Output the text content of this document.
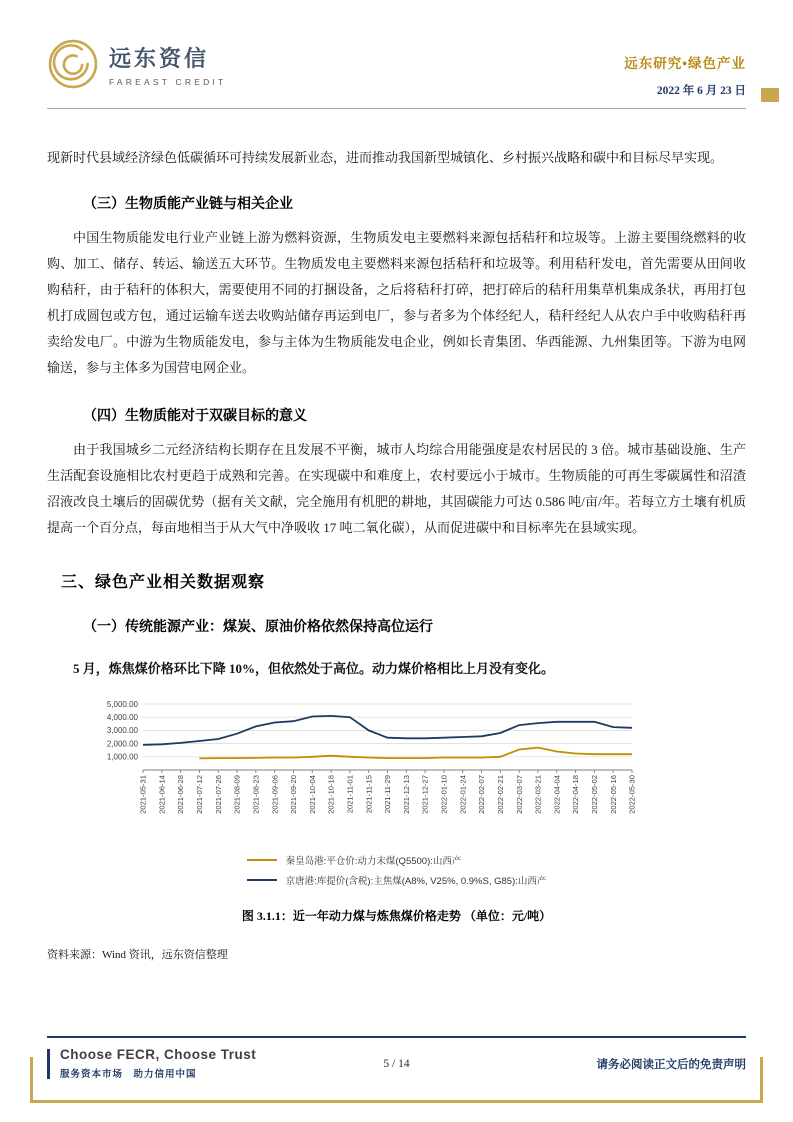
远东资信
FAREAST CREDIT
远东研究•绿色产业
2022 年 6 月 23 日

现新时代县域经济绿色低碳循环可持续发展新业态，进而推动我国新型城镇化、乡村振兴战略和碳中和目标尽早实现。

（三）生物质能产业链与相关企业

中国生物质能发电行业产业链上游为燃料资源，生物质发电主要燃料来源包括秸秆和垃圾等。上游主要围绕燃料的收购、加工、储存、转运、输送五大环节。生物质发电主要燃料来源包括秸秆和垃圾等。利用秸秆发电，首先需要从田间收购秸秆，由于秸秆的体积大，需要使用不同的打捆设备，之后将秸秆打碎，把打碎后的秸秆用集草机集成条状，再用打包机打成圆包或方包，通过运输车送去收购站储存再运到电厂，参与者多为个体经纪人，秸秆经纪人从农户手中收购秸秆再卖给发电厂。中游为生物质能发电，参与主体为生物质能发电企业，例如长青集团、华西能源、九州集团等。下游为电网输送，参与主体多为国营电网企业。

（四）生物质能对于双碳目标的意义

由于我国城乡二元经济结构长期存在且发展不平衡，城市人均综合用能强度是农村居民的 3 倍。城市基础设施、生产生活配套设施相比农村更趋于成熟和完善。在实现碳中和难度上，农村要远小于城市。生物质能的可再生零碳属性和沼渣沼液改良土壤后的固碳优势（据有关文献，完全施用有机肥的耕地，其固碳能力可达 0.586 吨/亩/年。若每立方土壤有机质提高一个百分点，每亩地相当于从大气中净吸收 17 吨二氧化碳），从而促进碳中和目标率先在县域实现。

三、绿色产业相关数据观察
（一）传统能源产业：煤炭、原油价格依然保持高位运行

5 月，炼焦煤价格环比下降 10%，但依然处于高位。动力煤价格相比上月没有变化。

1,000.00
2,000.00
3,000.00
4,000.00
5,000.00
2021-05-31 2021-06-14 2021-06-28 2021-07-12 2021-07-26 2021-08-09 2021-08-23 2021-09-06 2021-09-20 2021-10-04 2021-10-18 2021-11-01 2021-11-15 2021-11-29 2021-12-13 2021-12-27 2022-01-10 2022-01-24 2022-02-07 2022-02-21 2022-03-07 2022-03-21 2022-04-04 2022-04-18 2022-05-02 2022-05-16 2022-05-30
秦皇岛港:平仓价:动力末煤(Q5500):山西产
京唐港:库提价(含税):主焦煤(A8%, V25%, 0.9%S, G85):山西产

图 3.1.1：近一年动力煤与炼焦煤价格走势 （单位：元/吨）

资料来源：Wind 资讯，远东资信整理

Choose FECR, Choose Trust
服务资本市场　助力信用中国
5 / 14	请务必阅读正文后的免责声明
